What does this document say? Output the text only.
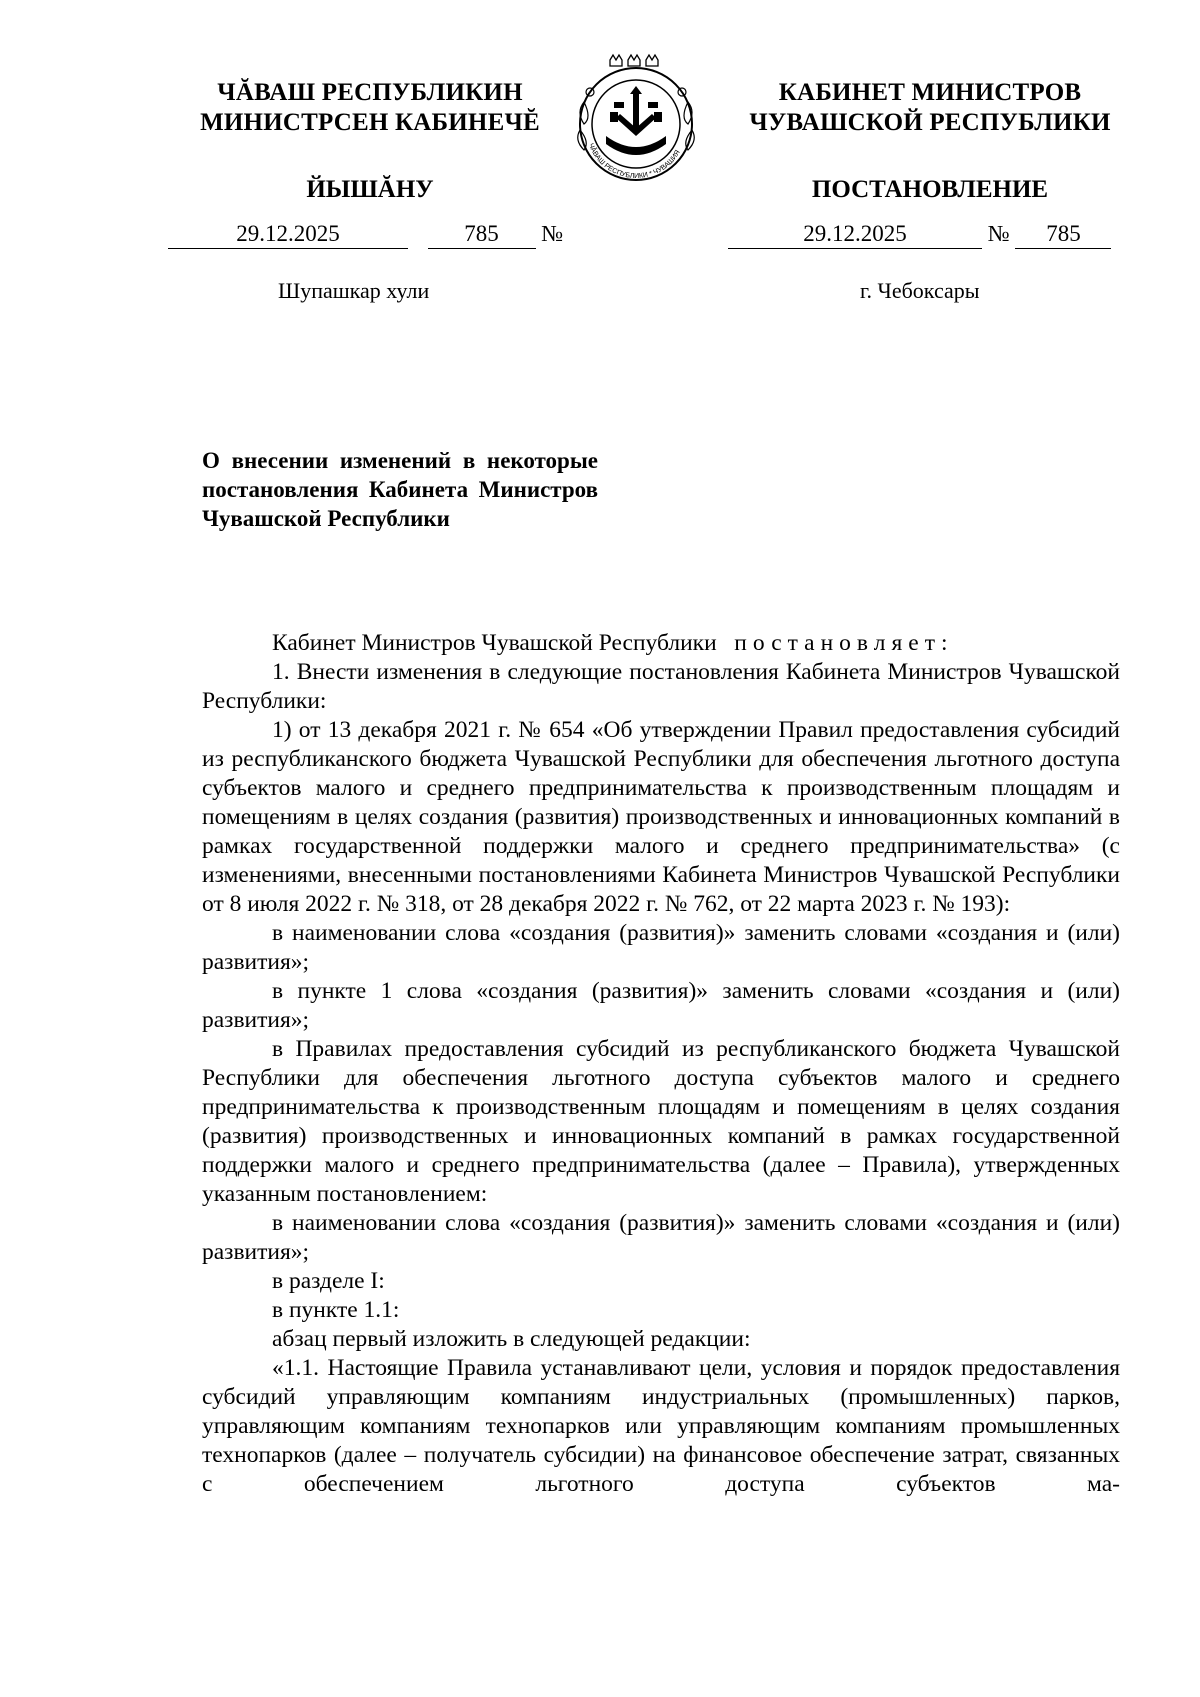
ЧĂВАШ РЕСПУБЛИКИН
МИНИСТРСЕН КАБИНЕЧĔ
ЙЫШĂНУ
ЧĂВАШ РЕСПУБЛИКИ * ЧУВАШИЯ
КАБИНЕТ МИНИСТРОВ
ЧУВАШСКОЙ РЕСПУБЛИКИ
ПОСТАНОВЛЕНИЕ
29.12.2025	785 №	29.12.2025	№ 785
Шупашкар хули	г. Чебоксары
О внесении изменений в некоторые постановления Кабинета Министров Чувашской Республики

Кабинет Министров Чувашской Республики постановляет:

1. Внести изменения в следующие постановления Кабинета Министров Чувашской Республики:

1) от 13 декабря 2021 г. № 654 «Об утверждении Правил предоставления субсидий из республиканского бюджета Чувашской Республики для обеспечения льготного доступа субъектов малого и среднего предпринимательства к производственным площадям и помещениям в целях создания (развития) производственных и инновационных компаний в рамках государственной поддержки малого и среднего предпринимательства» (с изменениями, внесенными постановлениями Кабинета Министров Чувашской Республики от 8 июля 2022 г. № 318, от 28 декабря 2022 г. № 762, от 22 марта 2023 г. № 193):

в наименовании слова «создания (развития)» заменить словами «создания и (или) развития»;

в пункте 1 слова «создания (развития)» заменить словами «создания и (или) развития»;

в Правилах предоставления субсидий из республиканского бюджета Чувашской Республики для обеспечения льготного доступа субъектов малого и среднего предпринимательства к производственным площадям и помещениям в целях создания (развития) производственных и инновационных компаний в рамках государственной поддержки малого и среднего предпринимательства (далее – Правила), утвержденных указанным постановлением:

в наименовании слова «создания (развития)» заменить словами «создания и (или) развития»;

в разделе I:

в пункте 1.1:

абзац первый изложить в следующей редакции:

«1.1. Настоящие Правила устанавливают цели, условия и порядок предоставления субсидий управляющим компаниям индустриальных (промышленных) парков, управляющим компаниям технопарков или управляющим компаниям промышленных технопарков (далее – получатель субсидии) на финансовое обеспечение затрат, связанных с обеспечением льготного доступа субъектов ма-
